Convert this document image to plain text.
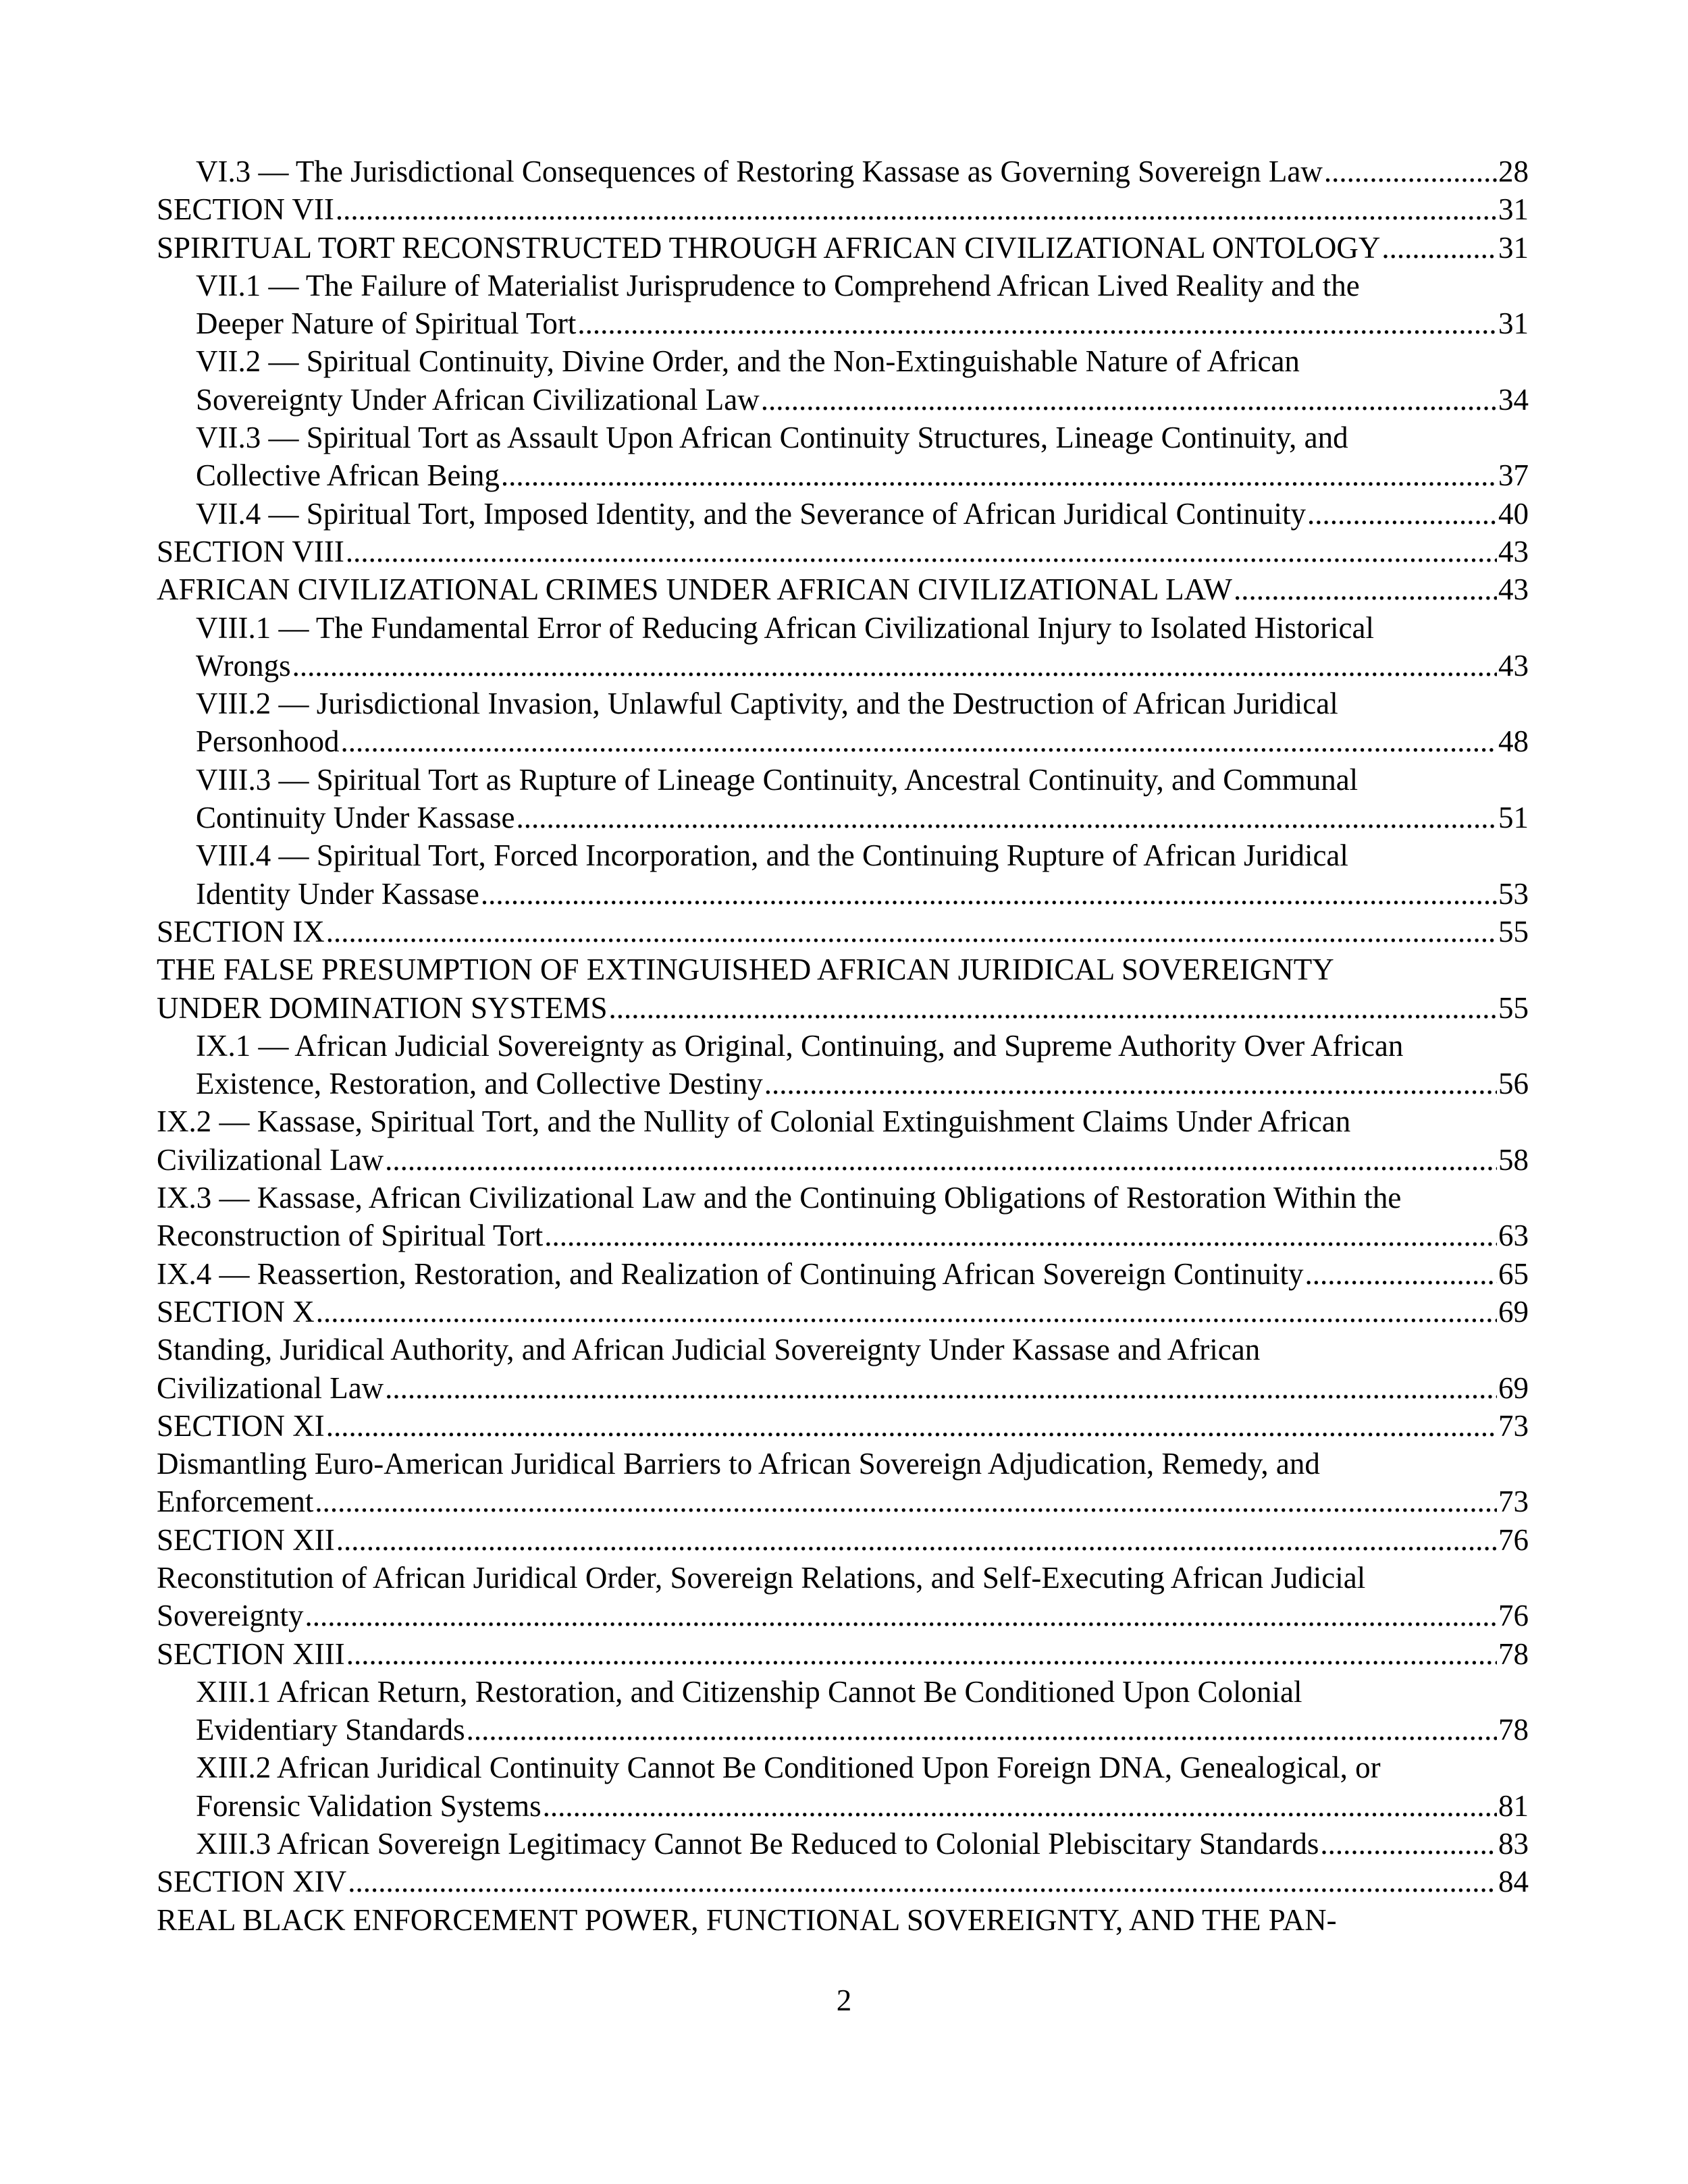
VI.3 — The Jurisdictional Consequences of Restoring Kassase as Governing Sovereign Law .....	28
SECTION VII .....	31
SPIRITUAL TORT RECONSTRUCTED THROUGH AFRICAN CIVILIZATIONAL ONTOLOGY .....	31
VII.1 — The Failure of Materialist Jurisprudence to Comprehend African Lived Reality and the
Deeper Nature of Spiritual Tort .....	31
VII.2 — Spiritual Continuity, Divine Order, and the Non-Extinguishable Nature of African
Sovereignty Under African Civilizational Law .....	34
VII.3 — Spiritual Tort as Assault Upon African Continuity Structures, Lineage Continuity, and
Collective African Being .....	37
VII.4 — Spiritual Tort, Imposed Identity, and the Severance of African Juridical Continuity .....	40
SECTION VIII .....	43
AFRICAN CIVILIZATIONAL CRIMES UNDER AFRICAN CIVILIZATIONAL LAW .....	43
VIII.1 — The Fundamental Error of Reducing African Civilizational Injury to Isolated Historical
Wrongs .....	43
VIII.2 — Jurisdictional Invasion, Unlawful Captivity, and the Destruction of African Juridical
Personhood .....	48
VIII.3 — Spiritual Tort as Rupture of Lineage Continuity, Ancestral Continuity, and Communal
Continuity Under Kassase .....	51
VIII.4 — Spiritual Tort, Forced Incorporation, and the Continuing Rupture of African Juridical
Identity Under Kassase .....	53
SECTION IX .....	55
THE FALSE PRESUMPTION OF EXTINGUISHED AFRICAN JURIDICAL SOVEREIGNTY
UNDER DOMINATION SYSTEMS .....	55
IX.1 — African Judicial Sovereignty as Original, Continuing, and Supreme Authority Over African
Existence, Restoration, and Collective Destiny .....	56
IX.2 — Kassase, Spiritual Tort, and the Nullity of Colonial Extinguishment Claims Under African
Civilizational Law .....	58
IX.3 — Kassase, African Civilizational Law and the Continuing Obligations of Restoration Within the
Reconstruction of Spiritual Tort .....	63
IX.4 — Reassertion, Restoration, and Realization of Continuing African Sovereign Continuity .....	65
SECTION X .....	69
Standing, Juridical Authority, and African Judicial Sovereignty Under Kassase and African
Civilizational Law .....	69
SECTION XI .....	73
Dismantling Euro-American Juridical Barriers to African Sovereign Adjudication, Remedy, and
Enforcement .....	73
SECTION XII .....	76
Reconstitution of African Juridical Order, Sovereign Relations, and Self-Executing African Judicial
Sovereignty .....	76
SECTION XIII .....	78
XIII.1 African Return, Restoration, and Citizenship Cannot Be Conditioned Upon Colonial
Evidentiary Standards .....	78
XIII.2 African Juridical Continuity Cannot Be Conditioned Upon Foreign DNA, Genealogical, or
Forensic Validation Systems .....	81
XIII.3 African Sovereign Legitimacy Cannot Be Reduced to Colonial Plebiscitary Standards .....	83
SECTION XIV .....	84
REAL BLACK ENFORCEMENT POWER, FUNCTIONAL SOVEREIGNTY, AND THE PAN-
2
